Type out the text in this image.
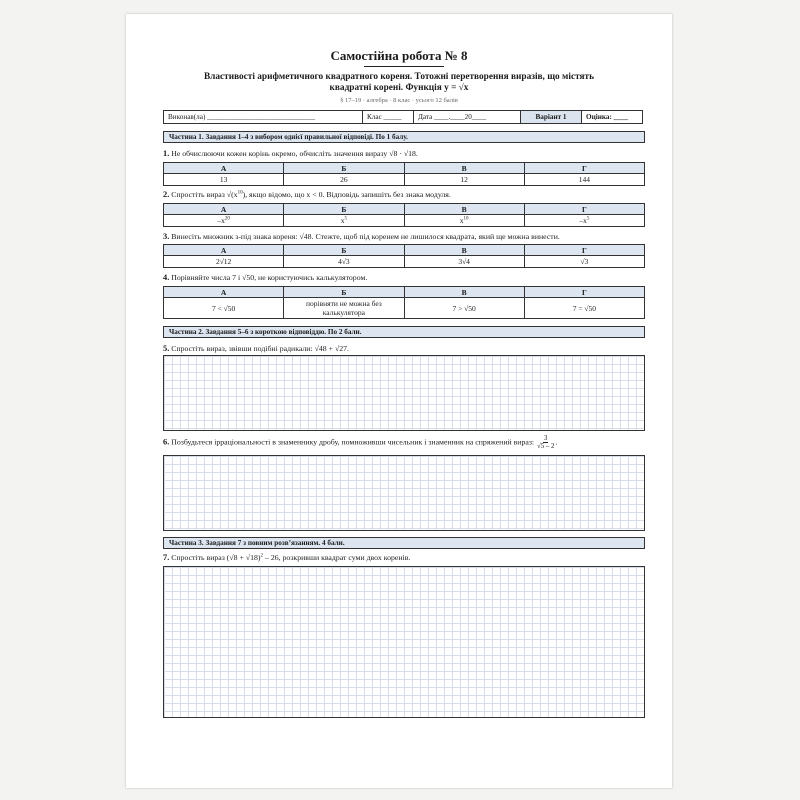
Самостійна робота № 8
Властивості арифметичного квадратного кореня. Тотожні перетворення виразів, що містять
квадратні корені. Функція y = √x
§ 17–19 · алгебра · 8 клас · усього 12 балів
Виконав(ла) ______________________________	Клас _____	Дата ____.____20____	Варіант 1	Оцінка: ____
Частина 1. Завдання 1–4 з вибором однієї правильної відповіді. По 1 балу.
1. Не обчислюючи кожен корінь окремо, обчисліть значення виразу √8 · √18.
А	Б	В	Г
13	26	12	144
2. Спростіть вираз $√(x^{10})$, якщо відомо, що x < 0. Відповідь запишіть без знака модуля.
А	Б	В	Г
$-x^{20}$	$x^5$	$x^{10}$	$-x^5$
3. Винесіть множник з-під знака кореня: √48. Стежте, щоб під коренем не лишилося квадрата, який ще можна винести.
А	Б	В	Г
2√12	4√3	3√4	√3
4. Порівняйте числа 7 і √50, не користуючись калькулятором.
А	Б	В	Г
7 < √50	порівняти не можна без калькулятора	7 > √50	7 = √50
Частина 2. Завдання 5–6 з короткою відповіддю. По 2 бали.
5. Спростіть вираз, звівши подібні радикали: √48 + √27.
6. Позбудьтеся ірраціональності в знаменнику дробу, помноживши чисельник і знаменник на спряжений вираз: $\frac{3}{√5 - 2}$ .
Частина 3. Завдання 7 з повним розв’язанням. 4 бали.
7. Спростіть вираз $(√8 + √18)^2 - 26$, розкривши квадрат суми двох коренів.
